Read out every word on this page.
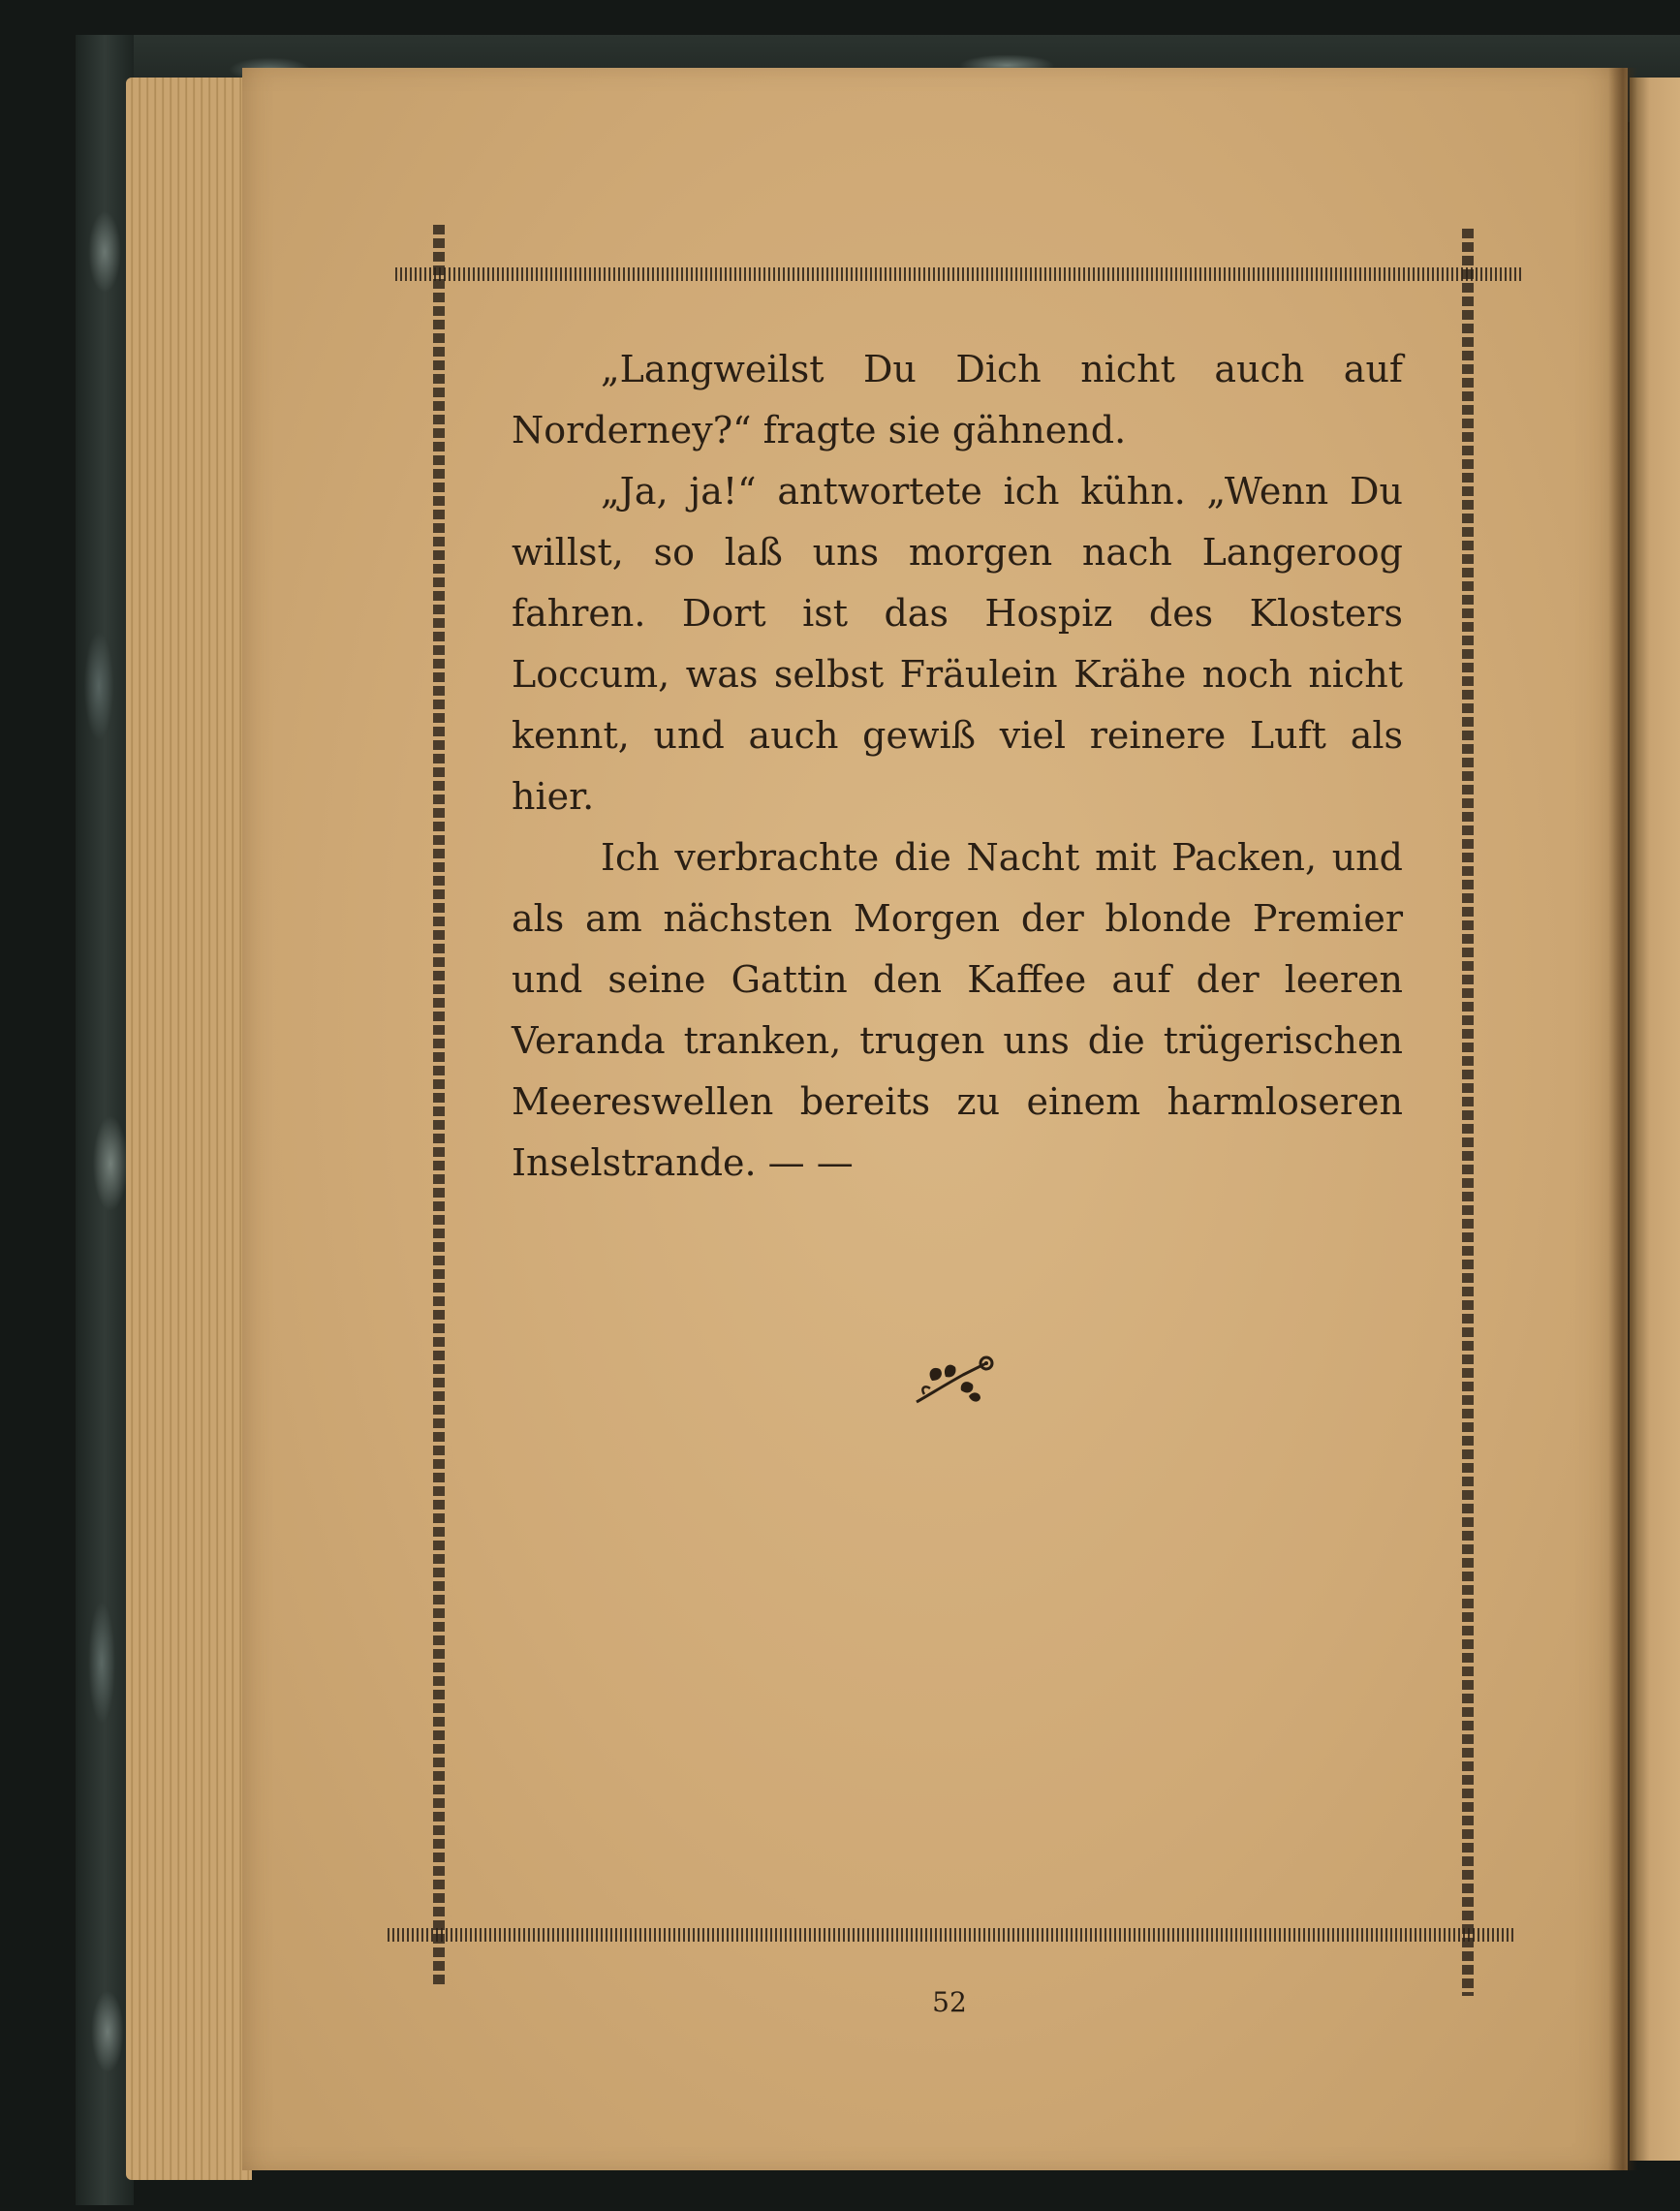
„Langweilst Du Dich nicht auch auf Norderney?“ fragte sie gähnend.

„Ja, ja!“ antwortete ich kühn. „Wenn Du willst, so laß uns morgen nach Langeroog fahren. Dort ist das Hospiz des Klosters Loccum, was selbst Fräulein Krähe noch nicht kennt, und auch gewiß viel reinere Luft als hier.

Ich verbrachte die Nacht mit Packen, und als am nächsten Morgen der blonde Premier und seine Gattin den Kaffee auf der leeren Veranda tranken, trugen uns die trügerischen Meereswellen bereits zu einem harmloseren Inselstrande. — —

52
